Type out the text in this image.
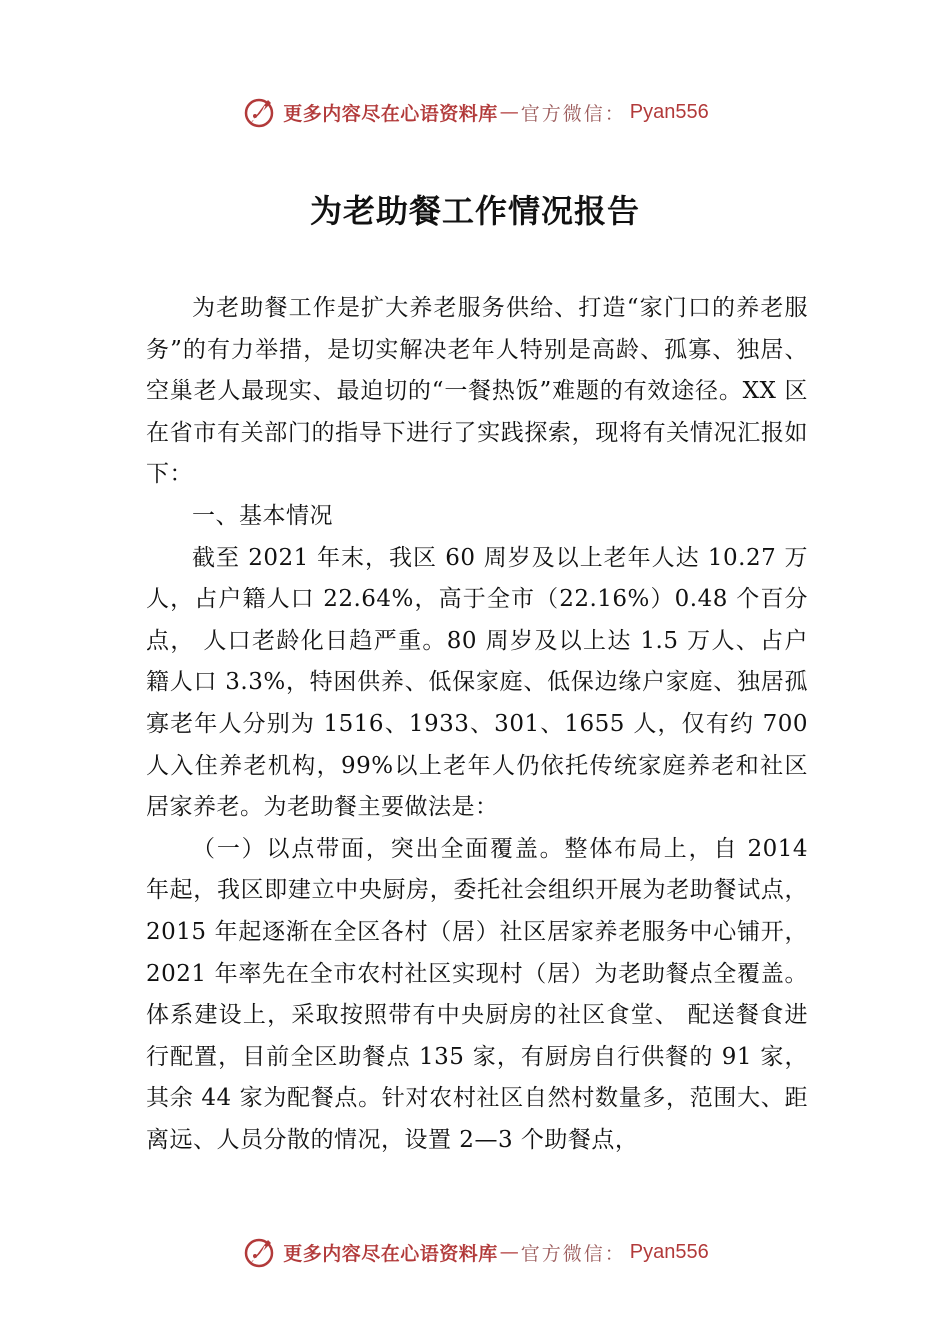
更多内容尽在心语资料库 — 官方微信： Pyan556
为老助餐工作情况报告

为老助餐工作是扩大养老服务供给、打造“家门口的养老服务”的有力举措，是切实解决老年人特别是高龄、孤寡、独居、空巢老人最现实、最迫切的“一餐热饭”难题的有效途径。XX 区在省市有关部门的指导下进行了实践探索，现将有关情况汇报如下：

一、基本情况

截至 2021 年末，我区 60 周岁及以上老年人达 10.27 万人，占户籍人口 22.64%，高于全市（22.16%）0.48 个百分点， 人口老龄化日趋严重。80 周岁及以上达 1.5 万人、占户籍人口 3.3%，特困供养、低保家庭、低保边缘户家庭、独居孤寡老年人分别为 1516、1933、301、1655 人，仅有约 700 人入住养老机构，99%以上老年人仍依托传统家庭养老和社区居家养老。为老助餐主要做法是：

（一）以点带面，突出全面覆盖。整体布局上，自 2014 年起，我区即建立中央厨房，委托社会组织开展为老助餐试点，2015 年起逐渐在全区各村（居）社区居家养老服务中心铺开，2021 年率先在全市农村社区实现村（居）为老助餐点全覆盖。体系建设上，采取按照带有中央厨房的社区食堂、 配送餐食进行配置，目前全区助餐点 135 家，有厨房自行供餐的 91 家，其余 44 家为配餐点。针对农村社区自然村数量多，范围大、距离远、人员分散的情况，设置 2—3 个助餐点，

更多内容尽在心语资料库 — 官方微信： Pyan556
